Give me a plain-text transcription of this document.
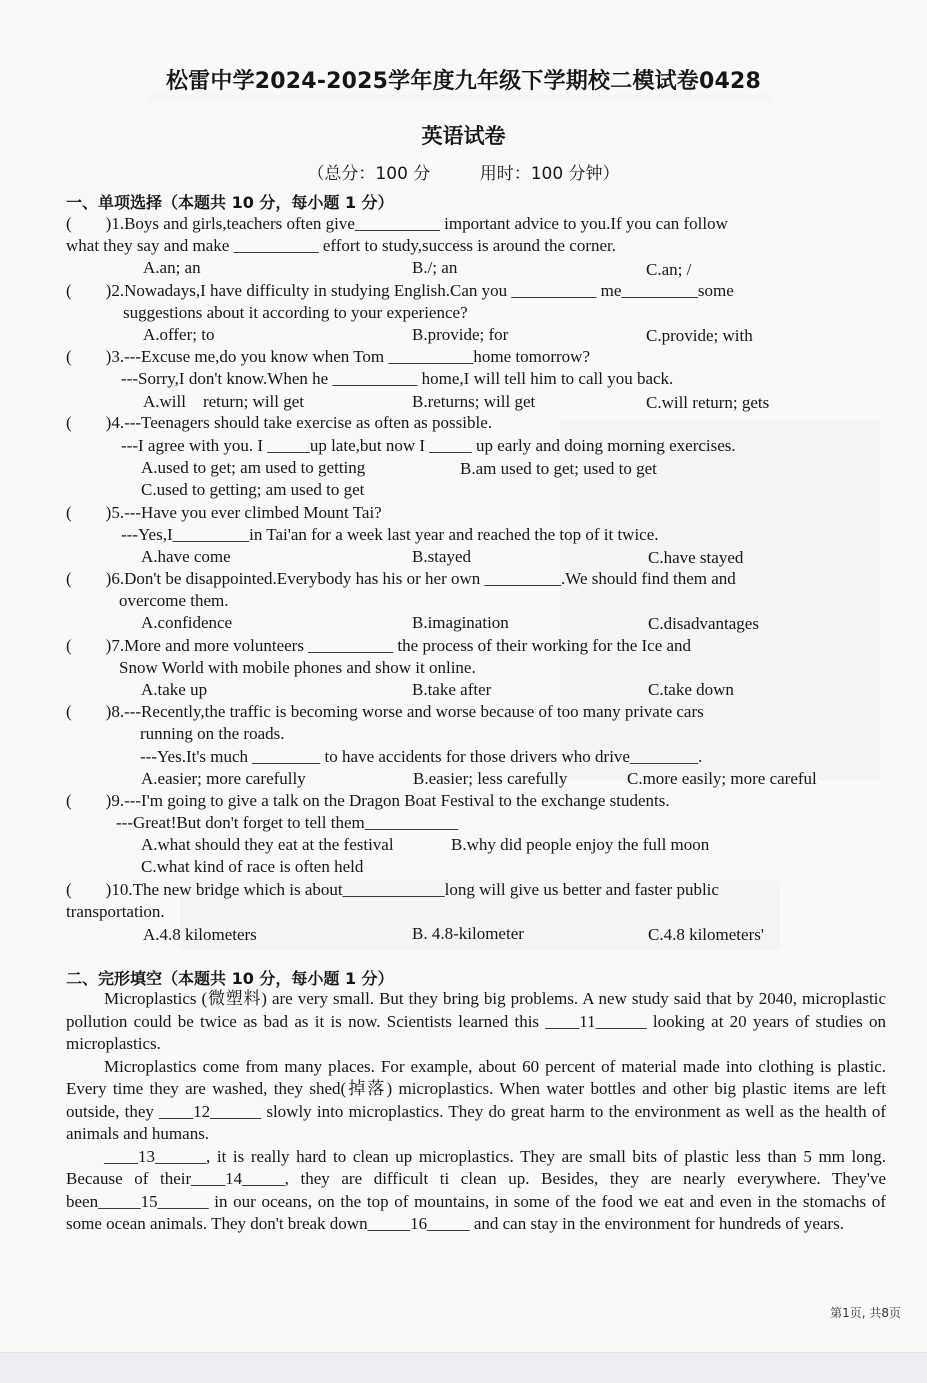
松雷中学2024-2025学年度九年级下学期校二模试卷0428
英语试卷
（总分：100 分	用时：100 分钟）
一、单项选择（本题共 10 分，每小题 1 分）
(　　)1.Boys and girls,teachers often give__________ important advice to you.If you can follow
what they say and make __________ effort to study,success is around the corner.
A.an; an	B./; an	C.an; /
(　　)2.Nowadays,I have difficulty in studying English.Can you __________ me_________some
suggestions about it according to your experience?
A.offer; to	B.provide; for	C.provide; with
(　　)3.---Excuse me,do you know when Tom __________home tomorrow?
---Sorry,I don't know.When he __________ home,I will tell him to call you back.
A.will　return; will get	B.returns; will get	C.will return; gets
(　　)4.---Teenagers should take exercise as often as possible.
---I agree with you. I _____up late,but now I _____ up early and doing morning exercises.
A.used to get; am used to getting	B.am used to get; used to get
C.used to getting; am used to get
(　　)5.---Have you ever climbed Mount Tai?
---Yes,I_________in Tai'an for a week last year and reached the top of it twice.
A.have come	B.stayed	C.have stayed
(　　)6.Don't be disappointed.Everybody has his or her own _________.We should find them and
overcome them.
A.confidence	B.imagination	C.disadvantages
(　　)7.More and more volunteers __________ the process of their working for the Ice and
Snow World with mobile phones and show it online.
A.take up	B.take after	C.take down
(　　)8.---Recently,the traffic is becoming worse and worse because of too many private cars
running on the roads.
---Yes.It's much ________ to have accidents for those drivers who drive________.
A.easier; more carefully	B.easier; less carefully	C.more easily; more careful
(　　)9.---I'm going to give a talk on the Dragon Boat Festival to the exchange students.
---Great!But don't forget to tell them___________
A.what should they eat at the festival	B.why did people enjoy the full moon
C.what kind of race is often held
(　　)10.The new bridge which is about____________long will give us better and faster public
transportation.
A.4.8 kilometers	B. 4.8-kilometer	C.4.8 kilometers'
二、完形填空（本题共 10 分，每小题 1 分）

Microplastics (微塑料) are very small. But they bring big problems. A new study said that by 2040, microplastic pollution could be twice as bad as it is now. Scientists learned this ____11______ looking at 20 years of studies on microplastics.

Microplastics come from many places. For example, about 60 percent of material made into clothing is plastic. Every time they are washed, they shed(掉落) microplastics. When water bottles and other big plastic items are left outside, they ____12______ slowly into microplastics. They do great harm to the environment as well as the health of animals and humans.

____13______, it is really hard to clean up microplastics. They are small bits of plastic less than 5 mm long. Because of their____14_____, they are difficult ti clean up. Besides, they are nearly everywhere. They've been_____15______ in our oceans, on the top of mountains, in some of the food we eat and even in the stomachs of some ocean animals. They don't break down_____16_____ and can stay in the environment for hundreds of years.

第1页, 共8页
